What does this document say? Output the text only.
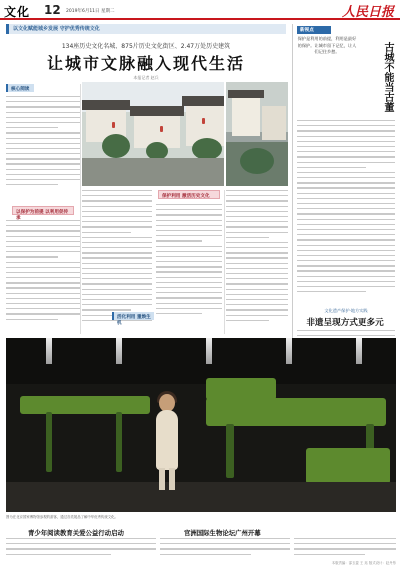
文化 12 2019年6月11日 星期二	人民日报
以文化赋能城乡发展 守护优秀传统文化
134座历史文化名城、875片历史文化街区、2.47万处历史建筑
让城市文脉融入现代生活
本报记者 赵兵
核心阅读
以保护为前提 以利用促传承
保护利用 激活历史文化
活化利用 重焕生机
新视点
保护是利用的前提，利用是最好的保护。让城市留下记忆，让人们记住乡愁。	古城不能当古董
文化遗产保护·地方实践
非遗呈现方式更多元
图为在北京国家博物馆参观的游客，通过各类展品了解中华优秀传统文化。
青少年阅读教育关爱公益行动启动	官洲国际生物论坛广州开幕
本版责编：邵玉姿 王 珏 版式设计：赵丹彤
